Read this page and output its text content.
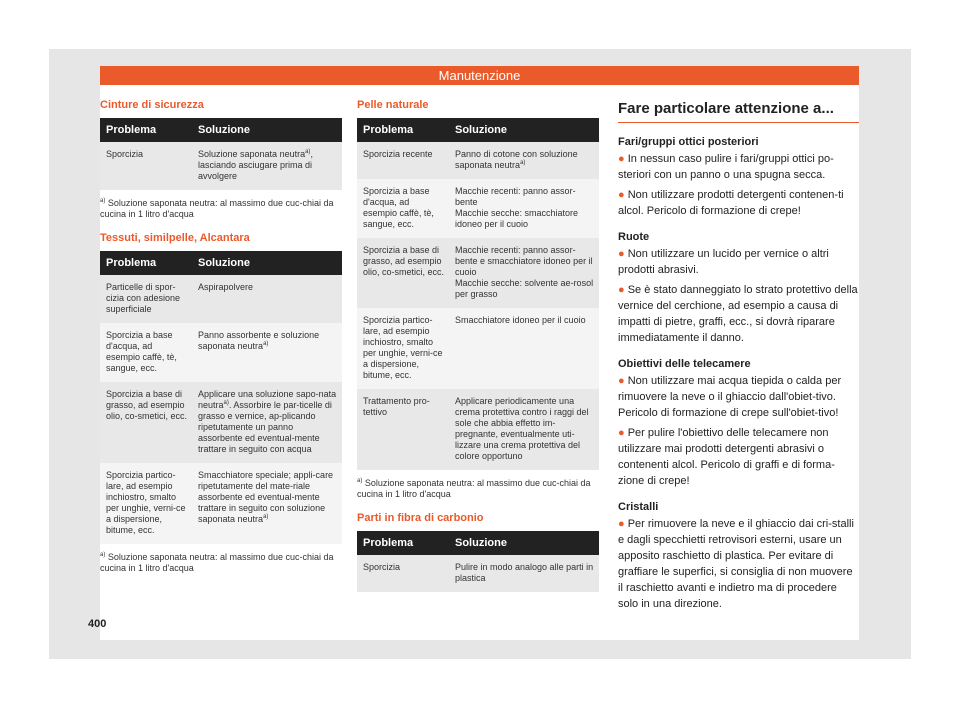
Manutenzione
400

Cinture di sicurezza

Problema	Soluzione
Sporcizia	Soluzione saponata neutra$^{a)}$, lasciando asciugare prima di avvolgere

$^{a)}$ Soluzione saponata neutra: al massimo due cuc-chiai da cucina in 1 litro d'acqua

Tessuti, similpelle, Alcantara

Problema	Soluzione
Particelle di spor-cizia con adesione superficiale	Aspirapolvere
Sporcizia a base d'acqua, ad esempio caffè, tè, sangue, ecc.	Panno assorbente e soluzione saponata neutra$^{a)}$
Sporcizia a base di grasso, ad esempio olio, co-smetici, ecc.	Applicare una soluzione sapo-nata neutra$^{a)}$. Assorbire le par-ticelle di grasso e vernice, ap-plicando ripetutamente un panno assorbente ed eventual-mente trattare in seguito con acqua
Sporcizia partico-lare, ad esempio inchiostro, smalto per unghie, verni-ce a dispersione, bitume, ecc.	Smacchiatore speciale; appli-care ripetutamente del mate-riale assorbente ed eventual-mente trattare in seguito con soluzione saponata neutra$^{a)}$

$^{a)}$ Soluzione saponata neutra: al massimo due cuc-chiai da cucina in 1 litro d'acqua

Pelle naturale

Problema	Soluzione
Sporcizia recente	Panno di cotone con soluzione saponata neutra$^{a)}$
Sporcizia a base d'acqua, ad esempio caffè, tè, sangue, ecc.	Macchie recenti: panno assor-bente
Macchie secche: smacchiatore idoneo per il cuoio
Sporcizia a base di grasso, ad esempio olio, co-smetici, ecc.	Macchie recenti: panno assor-bente e smacchiatore idoneo per il cuoio
Macchie secche: solvente ae-rosol per grasso
Sporcizia partico-lare, ad esempio inchiostro, smalto per unghie, verni-ce a dispersione, bitume, ecc.	Smacchiatore idoneo per il cuoio
Trattamento pro-tettivo	Applicare periodicamente una crema protettiva contro i raggi del sole che abbia effetto im-pregnante, eventualmente uti-lizzare una crema protettiva del colore opportuno

$^{a)}$ Soluzione saponata neutra: al massimo due cuc-chiai da cucina in 1 litro d'acqua

Parti in fibra di carbonio

Problema	Soluzione
Sporcizia	Pulire in modo analogo alle parti in plastica
Fare particolare attenzione a...

Fari/gruppi ottici posteriori

● In nessun caso pulire i fari/gruppi ottici po-steriori con un panno o una spugna secca.

● Non utilizzare prodotti detergenti contenen-ti alcol. Pericolo di formazione di crepe!

Ruote

● Non utilizzare un lucido per vernice o altri prodotti abrasivi.

● Se è stato danneggiato lo strato protettivo della vernice del cerchione, ad esempio a causa di impatti di pietre, graffi, ecc., si dovrà riparare immediatamente il danno.

Obiettivi delle telecamere

● Non utilizzare mai acqua tiepida o calda per rimuovere la neve o il ghiaccio dall'obiet-tivo. Pericolo di formazione di crepe sull'obiet-tivo!

● Per pulire l'obiettivo delle telecamere non utilizzare mai prodotti detergenti abrasivi o contenenti alcol. Pericolo di graffi e di forma-zione di crepe!

Cristalli

● Per rimuovere la neve e il ghiaccio dai cri-stalli e dagli specchietti retrovisori esterni, usare un apposito raschietto di plastica. Per evitare di graffiare le superfici, si consiglia di non muovere il raschietto avanti e indietro ma di procedere solo in una direzione.
